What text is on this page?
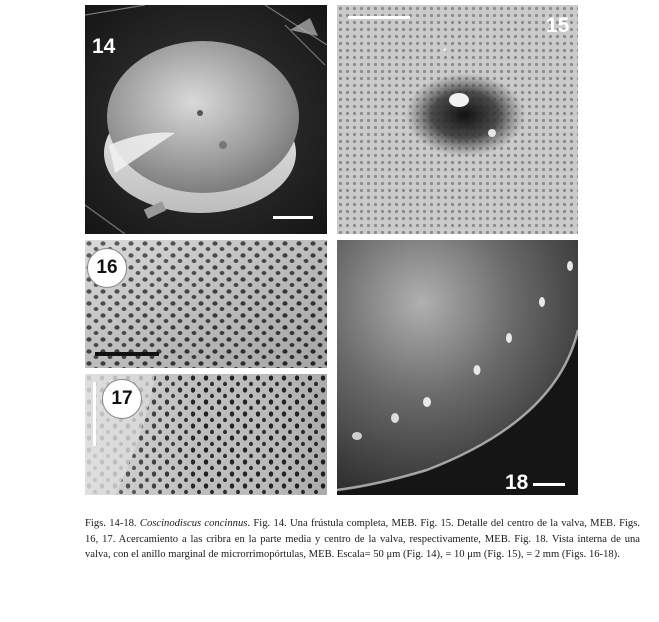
14
15
16
17
18
Figs. 14-18. Coscinodiscus concinnus. Fig. 14. Una frústula completa, MEB. Fig. 15. Detalle del centro de la valva, MEB. Figs. 16, 17. Acercamiento a las cribra en la parte media y centro de la valva, respectivamente, MEB. Fig. 18. Vista interna de una valva, con el anillo marginal de microrrimopórtulas, MEB. Escala= 50 μm (Fig. 14), = 10 μm (Fig. 15), = 2 mm (Figs. 16-18).
